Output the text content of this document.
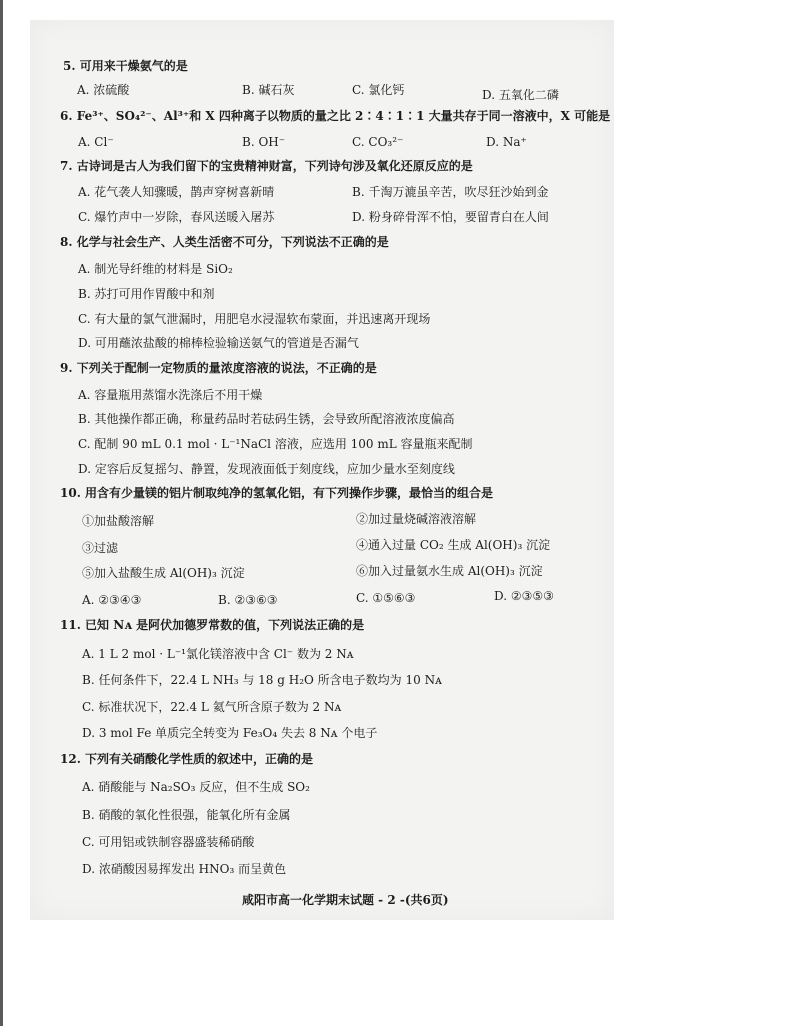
5. 可用来干燥氨气的是
A. 浓硫酸	B. 碱石灰	C. 氯化钙	D. 五氧化二磷
6. Fe³⁺、SO₄²⁻、Al³⁺和 X 四种离子以物质的量之比 2∶4∶1∶1 大量共存于同一溶液中，X 可能是
A. Cl⁻	B. OH⁻	C. CO₃²⁻	D. Na⁺
7. 古诗词是古人为我们留下的宝贵精神财富，下列诗句涉及氧化还原反应的是
A. 花气袭人知骤暖，鹊声穿树喜新晴	B. 千淘万漉虽辛苦，吹尽狂沙始到金
C. 爆竹声中一岁除，春风送暖入屠苏	D. 粉身碎骨浑不怕，要留青白在人间
8. 化学与社会生产、人类生活密不可分，下列说法不正确的是
A. 制光导纤维的材料是 SiO₂
B. 苏打可用作胃酸中和剂
C. 有大量的氯气泄漏时，用肥皂水浸湿软布蒙面，并迅速离开现场
D. 可用蘸浓盐酸的棉棒检验输送氨气的管道是否漏气
9. 下列关于配制一定物质的量浓度溶液的说法，不正确的是
A. 容量瓶用蒸馏水洗涤后不用干燥
B. 其他操作都正确，称量药品时若砝码生锈，会导致所配溶液浓度偏高
C. 配制 90 mL 0.1 mol · L⁻¹NaCl 溶液，应选用 100 mL 容量瓶来配制
D. 定容后反复摇匀、静置，发现液面低于刻度线，应加少量水至刻度线
10. 用含有少量镁的铝片制取纯净的氢氧化铝，有下列操作步骤，最恰当的组合是
①加盐酸溶解	②加过量烧碱溶液溶解
③过滤	④通入过量 CO₂ 生成 Al(OH)₃ 沉淀
⑤加入盐酸生成 Al(OH)₃ 沉淀	⑥加入过量氨水生成 Al(OH)₃ 沉淀
A. ②③④③	B. ②③⑥③	C. ①⑤⑥③	D. ②③⑤③
11. 已知 Nᴀ 是阿伏加德罗常数的值，下列说法正确的是
A. 1 L 2 mol · L⁻¹氯化镁溶液中含 Cl⁻ 数为 2 Nᴀ
B. 任何条件下，22.4 L NH₃ 与 18 g H₂O 所含电子数均为 10 Nᴀ
C. 标准状况下，22.4 L 氦气所含原子数为 2 Nᴀ
D. 3 mol Fe 单质完全转变为 Fe₃O₄ 失去 8 Nᴀ 个电子
12. 下列有关硝酸化学性质的叙述中，正确的是
A. 硝酸能与 Na₂SO₃ 反应，但不生成 SO₂
B. 硝酸的氧化性很强，能氧化所有金属
C. 可用铝或铁制容器盛装稀硝酸
D. 浓硝酸因易挥发出 HNO₃ 而呈黄色
咸阳市高一化学期末试题 - 2 -(共6页)
